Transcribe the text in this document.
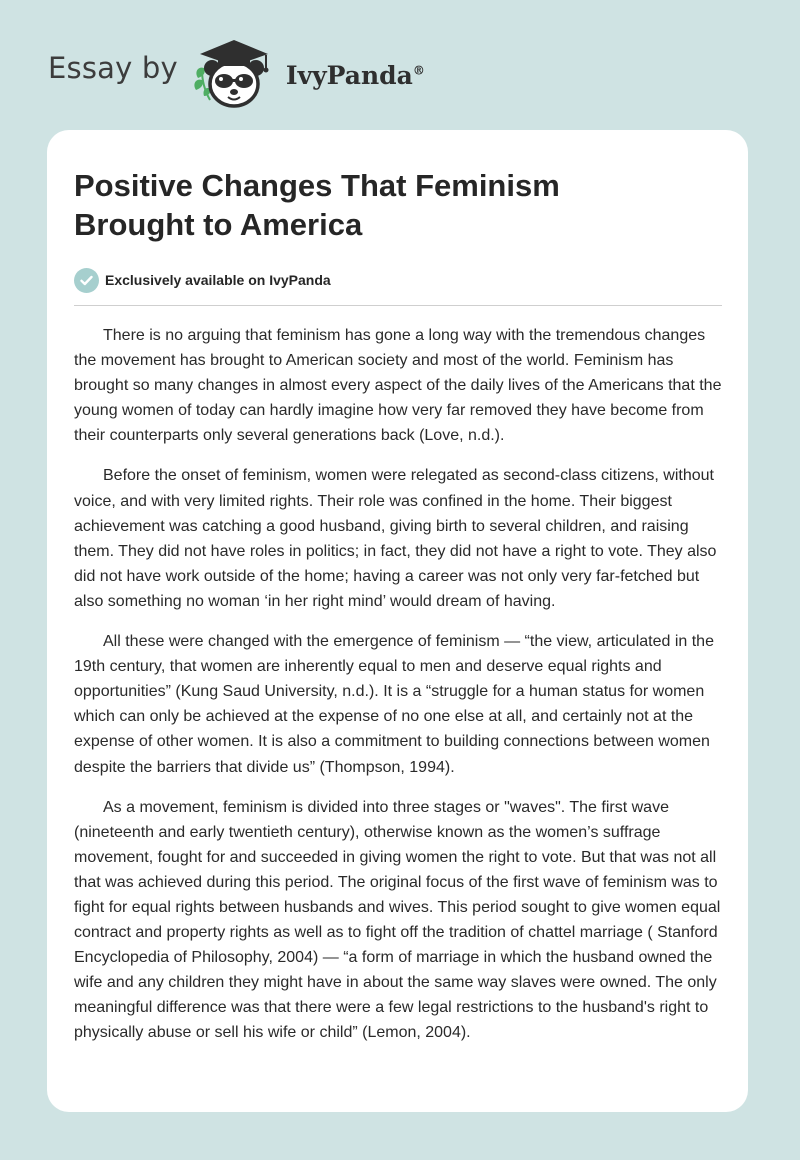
Essay by	IvyPanda®
Positive Changes That Feminism Brought to America
Exclusively available on IvyPanda

There is no arguing that feminism has gone a long way with the tremendous changes the movement has brought to American society and most of the world. Feminism has brought so many changes in almost every aspect of the daily lives of the Americans that the young women of today can hardly imagine how very far removed they have become from their counterparts only several generations back (Love, n.d.).

Before the onset of feminism, women were relegated as second-class citizens, without voice, and with very limited rights. Their role was confined in the home. Their biggest achievement was catching a good husband, giving birth to several children, and raising them. They did not have roles in politics; in fact, they did not have a right to vote. They also did not have work outside of the home; having a career was not only very far-fetched but also something no woman ‘in her right mind’ would dream of having.

All these were changed with the emergence of feminism — “the view, articulated in the 19th century, that women are inherently equal to men and deserve equal rights and opportunities” (Kung Saud University, n.d.). It is a “struggle for a human status for women which can only be achieved at the expense of no one else at all, and certainly not at the expense of other women. It is also a commitment to building connections between women despite the barriers that divide us” (Thompson, 1994).

As a movement, feminism is divided into three stages or "waves". The first wave (nineteenth and early twentieth century), otherwise known as the women’s suffrage movement, fought for and succeeded in giving women the right to vote. But that was not all that was achieved during this period. The original focus of the first wave of feminism was to fight for equal rights between husbands and wives. This period sought to give women equal contract and property rights as well as to fight off the tradition of chattel marriage ( Stanford Encyclopedia of Philosophy, 2004) — “a form of marriage in which the husband owned the wife and any children they might have in about the same way slaves were owned. The only meaningful difference was that there were a few legal restrictions to the husband's right to physically abuse or sell his wife or child” (Lemon, 2004).
